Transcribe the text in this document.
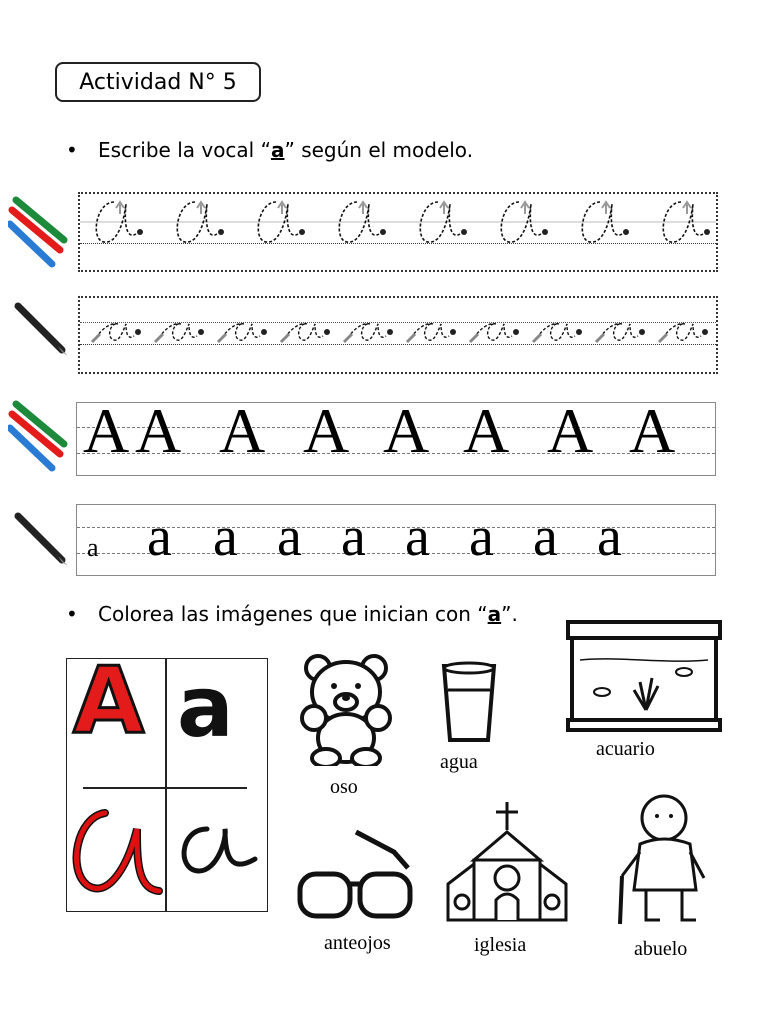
Actividad N° 5
• Escribe la vocal “a” según el modelo.
A A A A A A A A
a a a a a a a a a
• Colorea las imágenes que inician con “a”.
A a
oso
agua
acuario
anteojos	iglesia	abuelo
